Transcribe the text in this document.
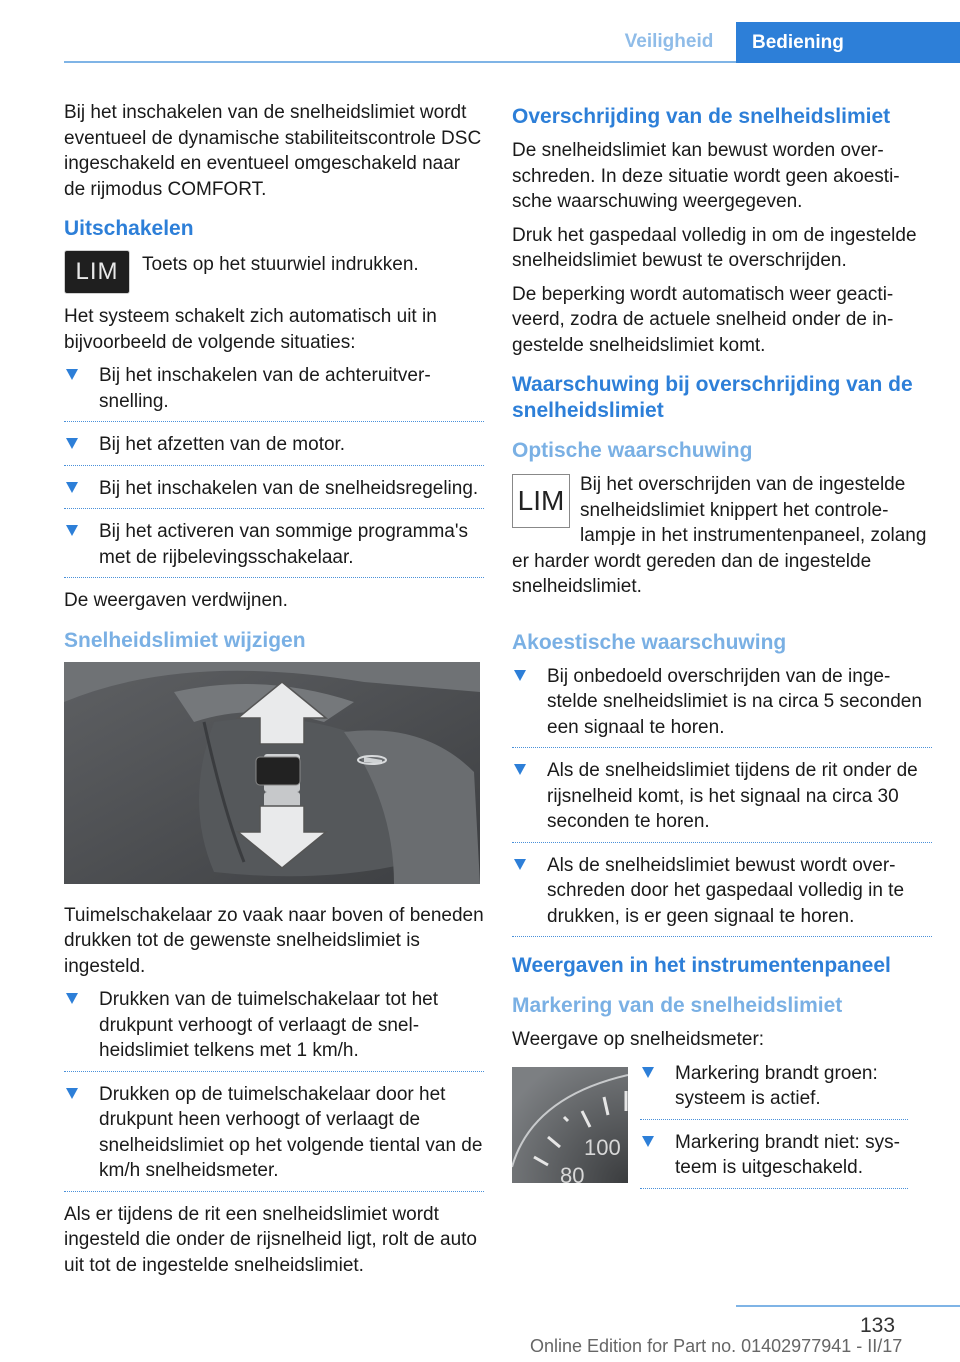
Veiligheid	Bediening

Bij het inschakelen van de snelheidslimiet wordt eventueel de dynamische stabiliteitscontrole DSC ingeschakeld en eventueel omgeschakeld naar de rijmodus COMFORT.

Uitschakelen
LIM	Toets op het stuurwiel indrukken.

Het systeem schakelt zich automatisch uit in bijvoorbeeld de volgende situaties:

Bij het inschakelen van de achteruitversnelling.
Bij het afzetten van de motor.
Bij het inschakelen van de snelheidsregeling.
Bij het activeren van sommige programma's met de rijbelevingsschakelaar.

De weergaven verdwijnen.

Snelheidslimiet wijzigen

Tuimelschakelaar zo vaak naar boven of beneden drukken tot de gewenste snelheidslimiet is ingesteld.

Drukken van de tuimelschakelaar tot het drukpunt verhoogt of verlaagt de snelheidslimiet telkens met 1 km/h.
Drukken op de tuimelschakelaar door het drukpunt heen verhoogt of verlaagt de snelheidslimiet op het volgende tiental van de km/h snelheidsmeter.

Als er tijdens de rit een snelheidslimiet wordt ingesteld die onder de rijsnelheid ligt, rolt de auto uit tot de ingestelde snelheidslimiet.

Overschrijding van de snelheidslimiet

De snelheidslimiet kan bewust worden overschreden. In deze situatie wordt geen akoestische waarschuwing weergegeven.

Druk het gaspedaal volledig in om de ingestelde snelheidslimiet bewust te overschrijden.

De beperking wordt automatisch weer geactiveerd, zodra de actuele snelheid onder de ingestelde snelheidslimiet komt.

Waarschuwing bij overschrijding van de snelheidslimiet
Optische waarschuwing
LIM

Bij het overschrijden van de ingestelde snelheidslimiet knippert het controlelampje in het instrumentenpaneel, zolang er harder wordt gereden dan de ingestelde snelheidslimiet.

Akoestische waarschuwing
Bij onbedoeld overschrijden van de ingestelde snelheidslimiet is na circa 5 seconden een signaal te horen.
Als de snelheidslimiet tijdens de rit onder de rijsnelheid komt, is het signaal na circa 30 seconden te horen.
Als de snelheidslimiet bewust wordt overschreden door het gaspedaal volledig in te drukken, is er geen signaal te horen.
Weergaven in het instrumentenpaneel
Markering van de snelheidslimiet

Weergave op snelheidsmeter:

100
80
Markering brandt groen: systeem is actief.
Markering brandt niet: systeem is uitgeschakeld.
133
Online Edition for Part no. 01402977941 - II/17
